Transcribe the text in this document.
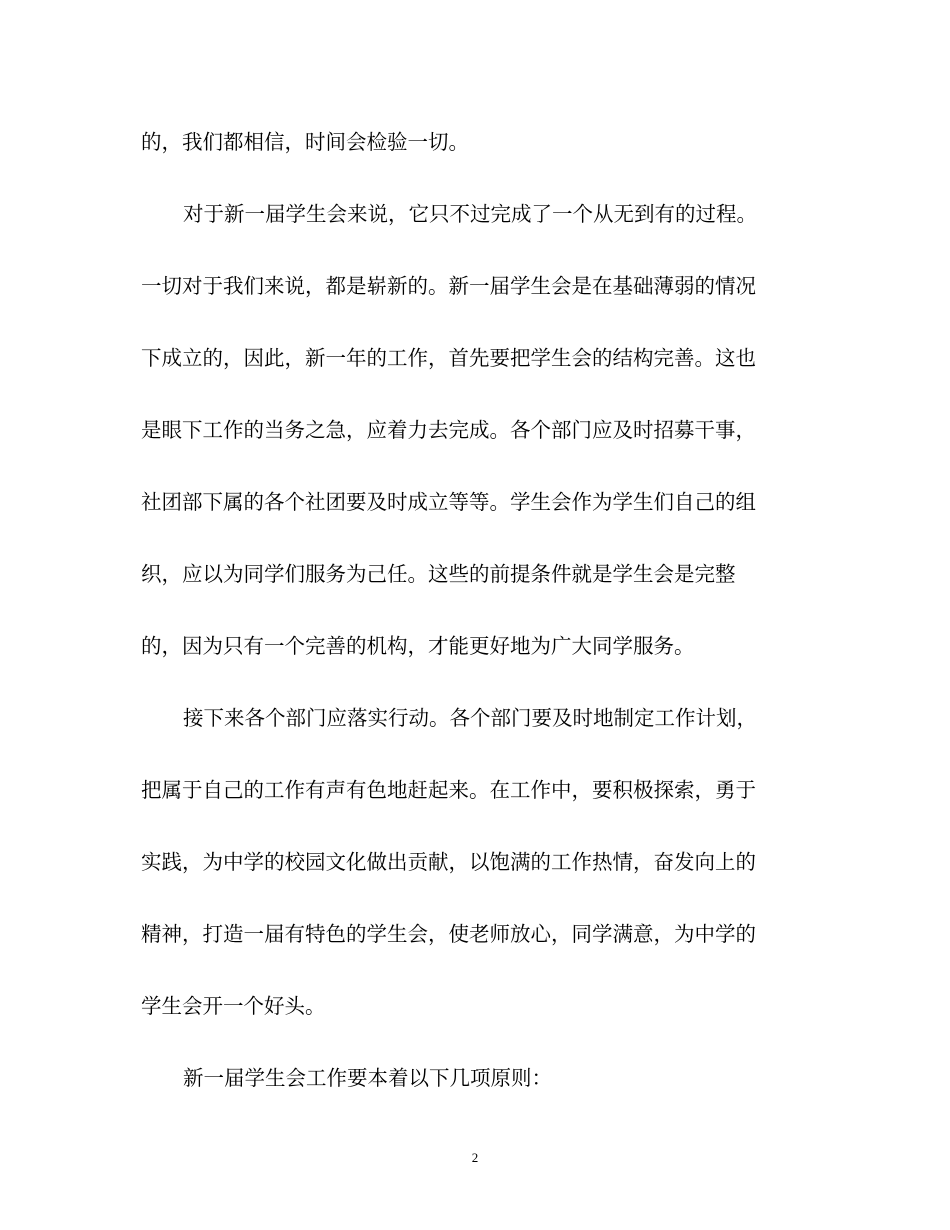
的，我们都相信，时间会检验一切。
对于新一届学生会来说，它只不过完成了一个从无到有的过程。
一切对于我们来说，都是崭新的。新一届学生会是在基础薄弱的情况
下成立的，因此，新一年的工作，首先要把学生会的结构完善。这也
是眼下工作的当务之急，应着力去完成。各个部门应及时招募干事，
社团部下属的各个社团要及时成立等等。学生会作为学生们自己的组
织，应以为同学们服务为己任。这些的前提条件就是学生会是完整
的，因为只有一个完善的机构，才能更好地为广大同学服务。
接下来各个部门应落实行动。各个部门要及时地制定工作计划，
把属于自己的工作有声有色地赶起来。在工作中，要积极探索，勇于
实践，为中学的校园文化做出贡献，以饱满的工作热情，奋发向上的
精神，打造一届有特色的学生会，使老师放心，同学满意，为中学的
学生会开一个好头。
新一届学生会工作要本着以下几项原则：
2
